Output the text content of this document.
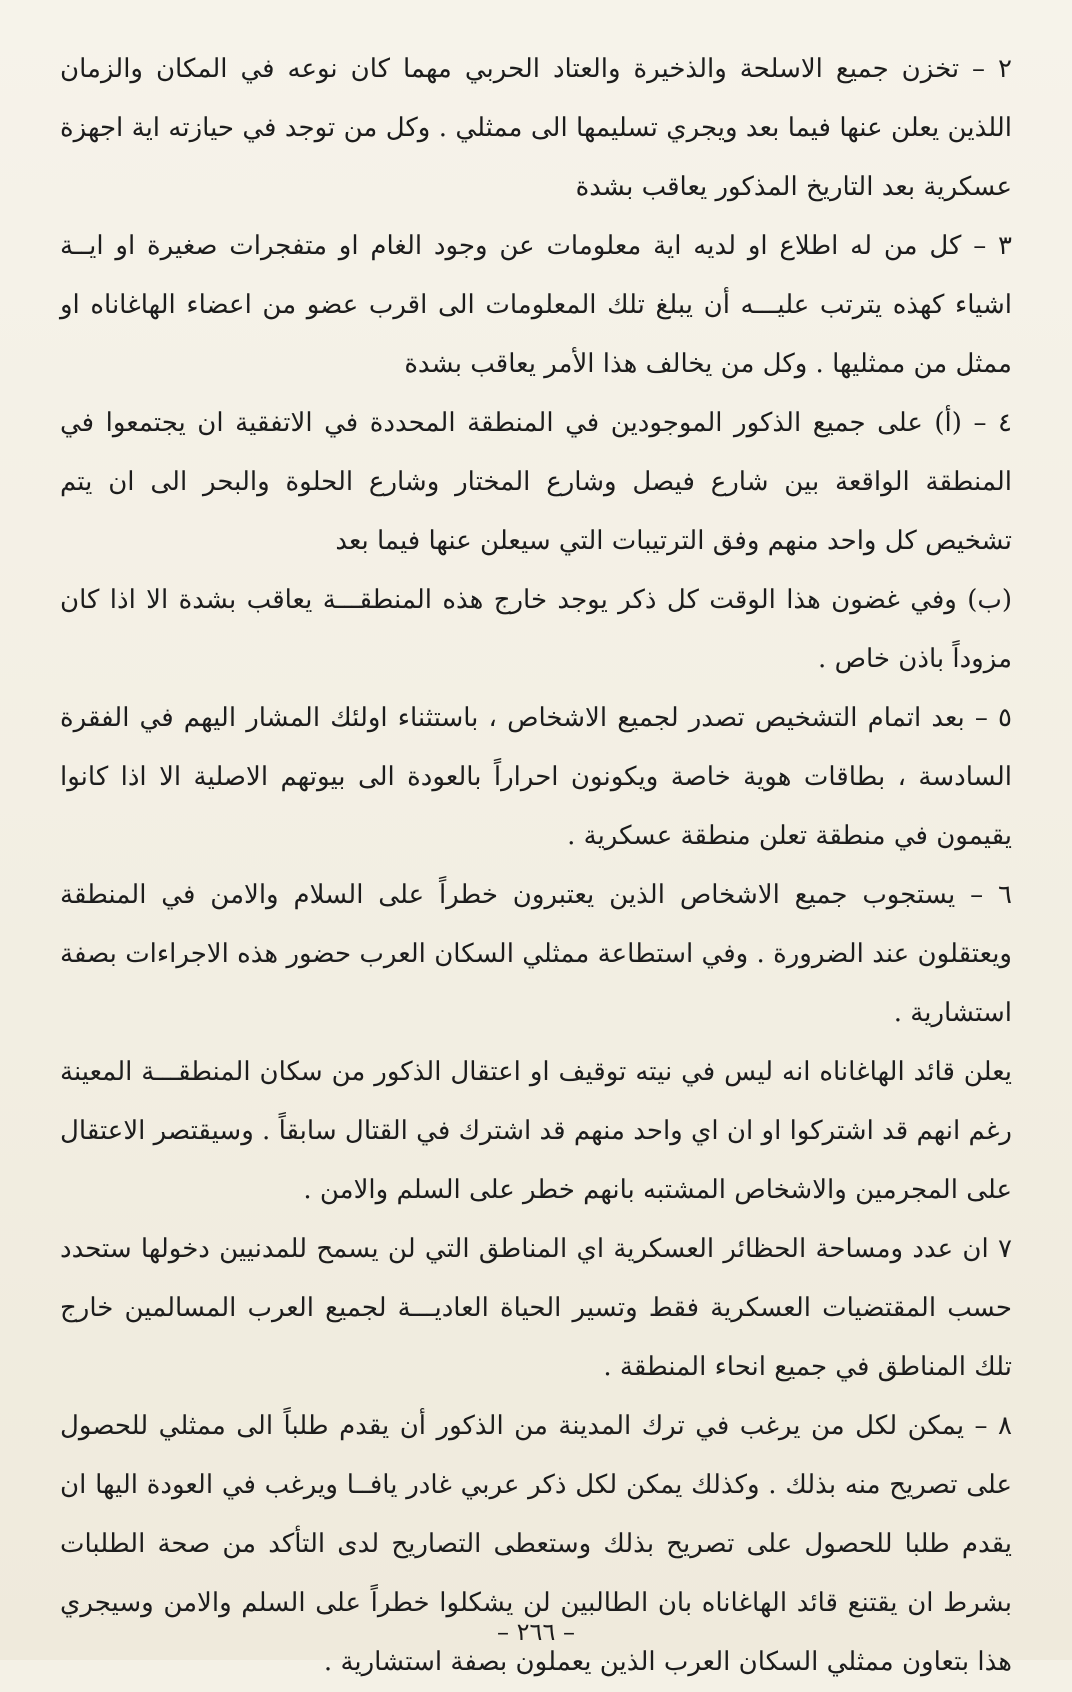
٢ – تخزن جميع الاسلحة والذخيرة والعتاد الحربي مهما كان نوعه في المكان والزمان اللذين يعلن عنها فيما بعد ويجري تسليمها الى ممثلي . وكل من توجد في حيازته اية اجهزة عسكرية بعد التاريخ المذكور يعاقب بشدة

٣ – كل من له اطلاع او لديه اية معلومات عن وجود الغام او متفجرات صغيرة او ايــة اشياء كهذه يترتب عليـــه أن يبلغ تلك المعلومات الى اقرب عضو من اعضاء الهاغاناه او ممثل من ممثليها . وكل من يخالف هذا الأمر يعاقب بشدة

٤ – (أ) على جميع الذكور الموجودين في المنطقة المحددة في الاتفقية ان يجتمعوا في المنطقة الواقعة بين شارع فيصل وشارع المختار وشارع الحلوة والبحر الى ان يتم تشخيص كل واحد منهم وفق الترتيبات التي سيعلن عنها فيما بعد

(ب) وفي غضون هذا الوقت كل ذكر يوجد خارج هذه المنطقـــة يعاقب بشدة الا اذا كان مزوداً باذن خاص .

٥ – بعد اتمام التشخيص تصدر لجميع الاشخاص ، باستثناء اولئك المشار اليهم في الفقرة السادسة ، بطاقات هوية خاصة ويكونون احراراً بالعودة الى بيوتهم الاصلية الا اذا كانوا يقيمون في منطقة تعلن منطقة عسكرية .

٦ – يستجوب جميع الاشخاص الذين يعتبرون خطراً على السلام والامن في المنطقة ويعتقلون عند الضرورة . وفي استطاعة ممثلي السكان العرب حضور هذه الاجراءات بصفة استشارية .

يعلن قائد الهاغاناه انه ليس في نيته توقيف او اعتقال الذكور من سكان المنطقـــة المعينة رغم انهم قد اشتركوا او ان اي واحد منهم قد اشترك في القتال سابقاً . وسيقتصر الاعتقال على المجرمين والاشخاص المشتبه بانهم خطر على السلم والامن .

٧ ان عدد ومساحة الحظائر العسكرية اي المناطق التي لن يسمح للمدنيين دخولها ستحدد حسب المقتضيات العسكرية فقط وتسير الحياة العاديـــة لجميع العرب المسالمين خارج تلك المناطق في جميع انحاء المنطقة .

٨ – يمكن لكل من يرغب في ترك المدينة من الذكور أن يقدم طلباً الى ممثلي للحصول على تصريح منه بذلك . وكذلك يمكن لكل ذكر عربي غادر يافــا ويرغب في العودة اليها ان يقدم طلبا للحصول على تصريح بذلك وستعطى التصاريح لدى التأكد من صحة الطلبات بشرط ان يقتنع قائد الهاغاناه بان الطالبين لن يشكلوا خطراً على السلم والامن وسيجري هذا بتعاون ممثلي السكان العرب الذين يعملون بصفة استشارية .

– ٢٦٦ –
